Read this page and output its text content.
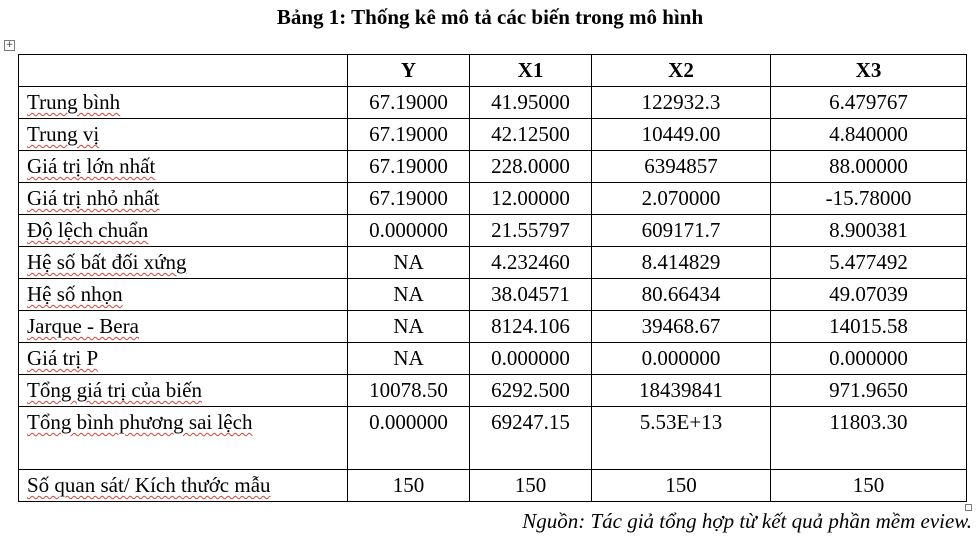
Bảng 1: Thống kê mô tả các biến trong mô hình
+
	Y	X1	X2	X3
Trung bình	67.19000	41.95000	122932.3	6.479767
Trung vị	67.19000	42.12500	10449.00	4.840000
Giá trị lớn nhất	67.19000	228.0000	6394857	88.00000
Giá trị nhỏ nhất	67.19000	12.00000	2.070000	-15.78000
Độ lệch chuẩn	0.000000	21.55797	609171.7	8.900381
Hệ số bất đối xứng	NA	4.232460	8.414829	5.477492
Hệ số nhọn	NA	38.04571	80.66434	49.07039
Jarque - Bera	NA	8124.106	39468.67	14015.58
Giá trị P	NA	0.000000	0.000000	0.000000
Tổng giá trị của biến	10078.50	6292.500	18439841	971.9650
Tổng bình phương sai lệch	0.000000	69247.15	5.53E+13	11803.30
Số quan sát/ Kích thước mẫu	150	150	150	150
Nguồn: Tác giả tổng hợp từ kết quả phần mềm eview.
